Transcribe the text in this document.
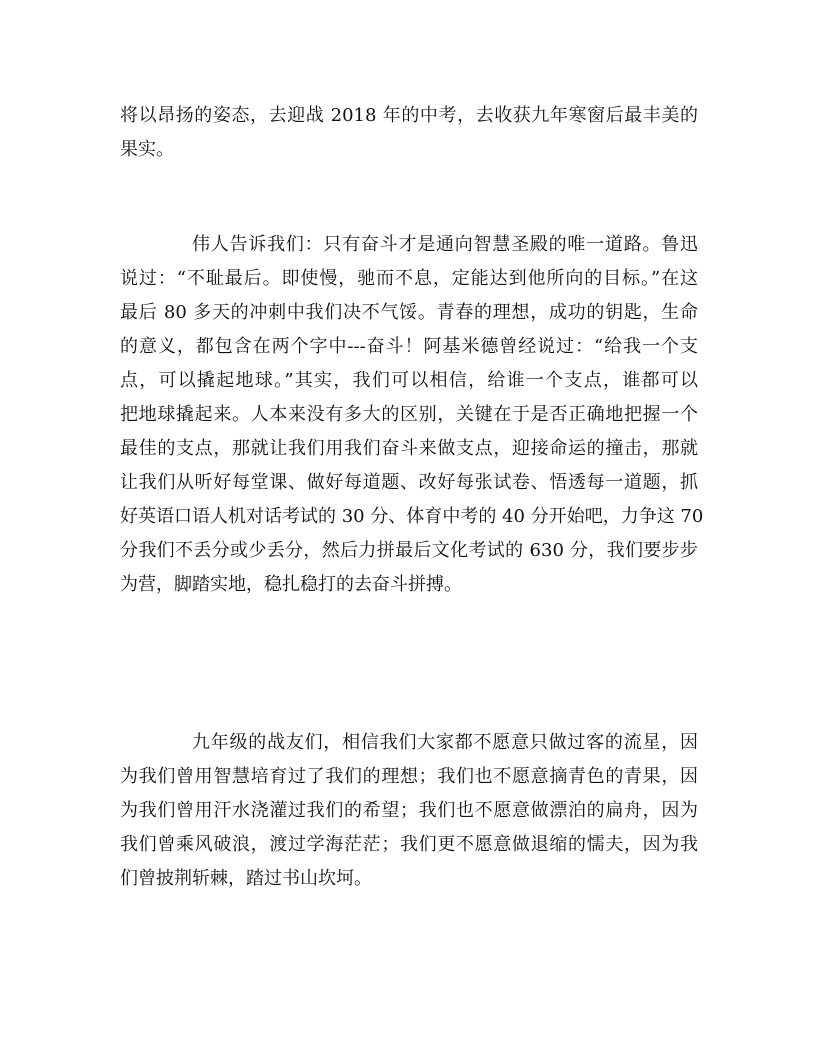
将以昂扬的姿态，去迎战 2018 年的中考，去收获九年寒窗后最丰美的
果实。
伟人告诉我们：只有奋斗才是通向智慧圣殿的唯一道路。鲁迅
说过：“不耻最后。即使慢，驰而不息，定能达到他所向的目标。”在这
最后 80 多天的冲刺中我们决不气馁。青春的理想，成功的钥匙，生命
的意义，都包含在两个字中---奋斗！阿基米德曾经说过：“给我一个支
点，可以撬起地球。”其实，我们可以相信，给谁一个支点，谁都可以
把地球撬起来。人本来没有多大的区别，关键在于是否正确地把握一个
最佳的支点，那就让我们用我们奋斗来做支点，迎接命运的撞击，那就
让我们从听好每堂课、做好每道题、改好每张试卷、悟透每一道题，抓
好英语口语人机对话考试的 30 分、体育中考的 40 分开始吧，力争这 70
分我们不丢分或少丢分，然后力拼最后文化考试的 630 分，我们要步步
为营，脚踏实地，稳扎稳打的去奋斗拼搏。
九年级的战友们，相信我们大家都不愿意只做过客的流星，因
为我们曾用智慧培育过了我们的理想；我们也不愿意摘青色的青果，因
为我们曾用汗水浇灌过我们的希望；我们也不愿意做漂泊的扁舟，因为
我们曾乘风破浪，渡过学海茫茫；我们更不愿意做退缩的懦夫，因为我
们曾披荆斩棘，踏过书山坎坷。
